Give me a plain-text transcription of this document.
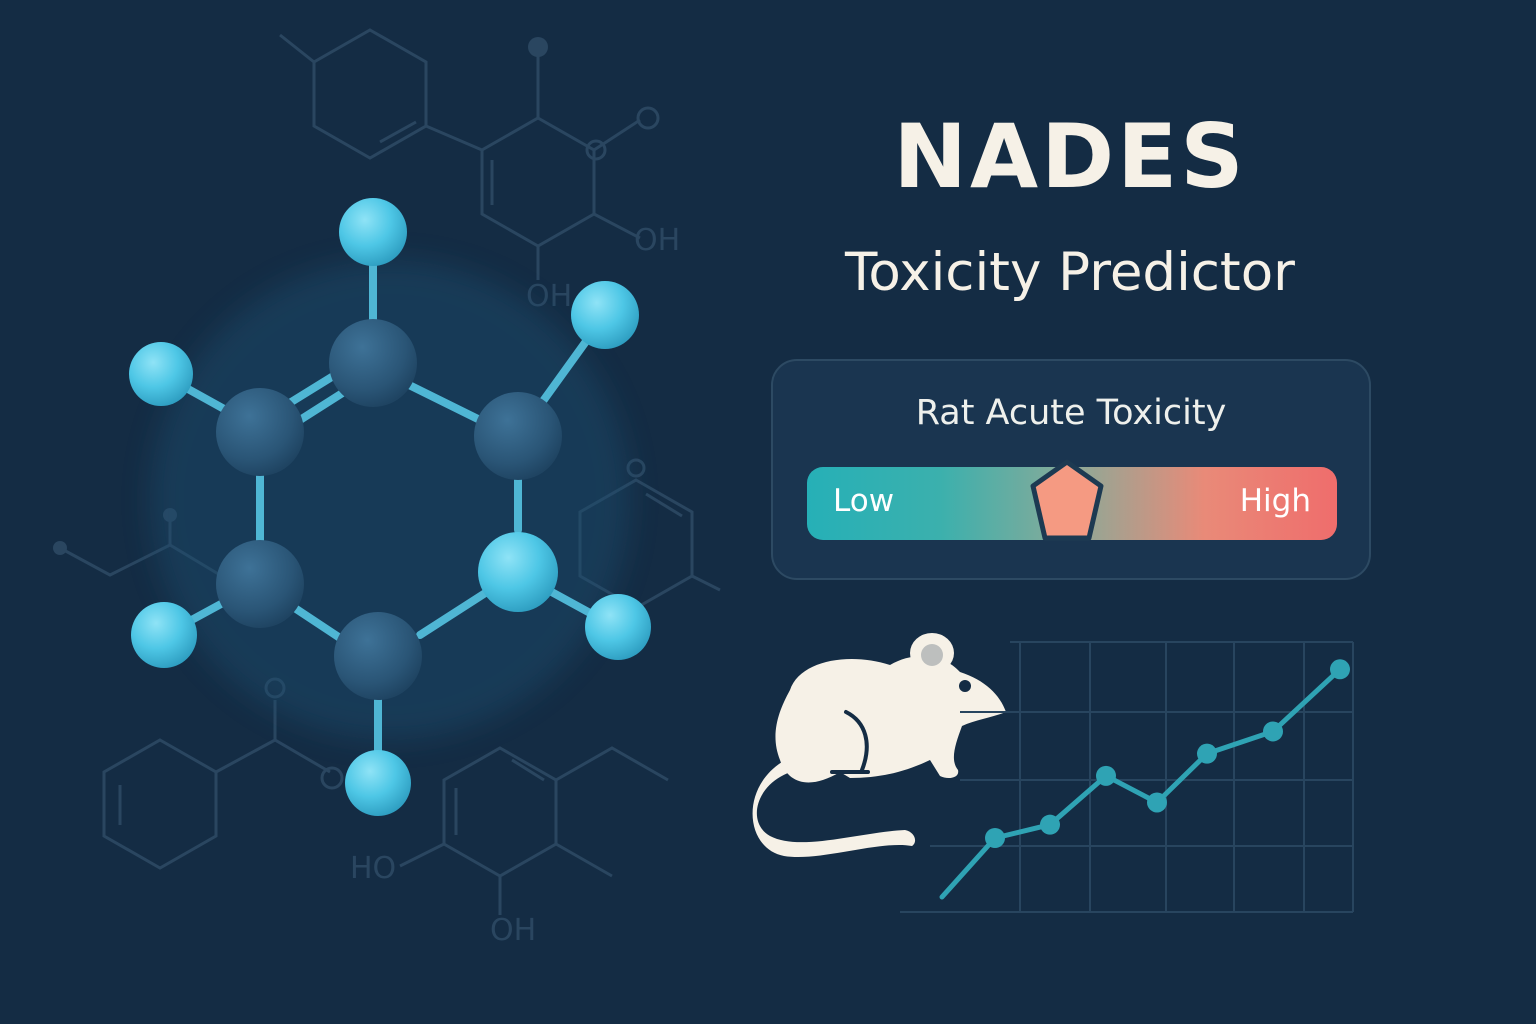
OH
OH
HO
OH
NADES
Toxicity Predictor
Rat Acute Toxicity
Low	High
